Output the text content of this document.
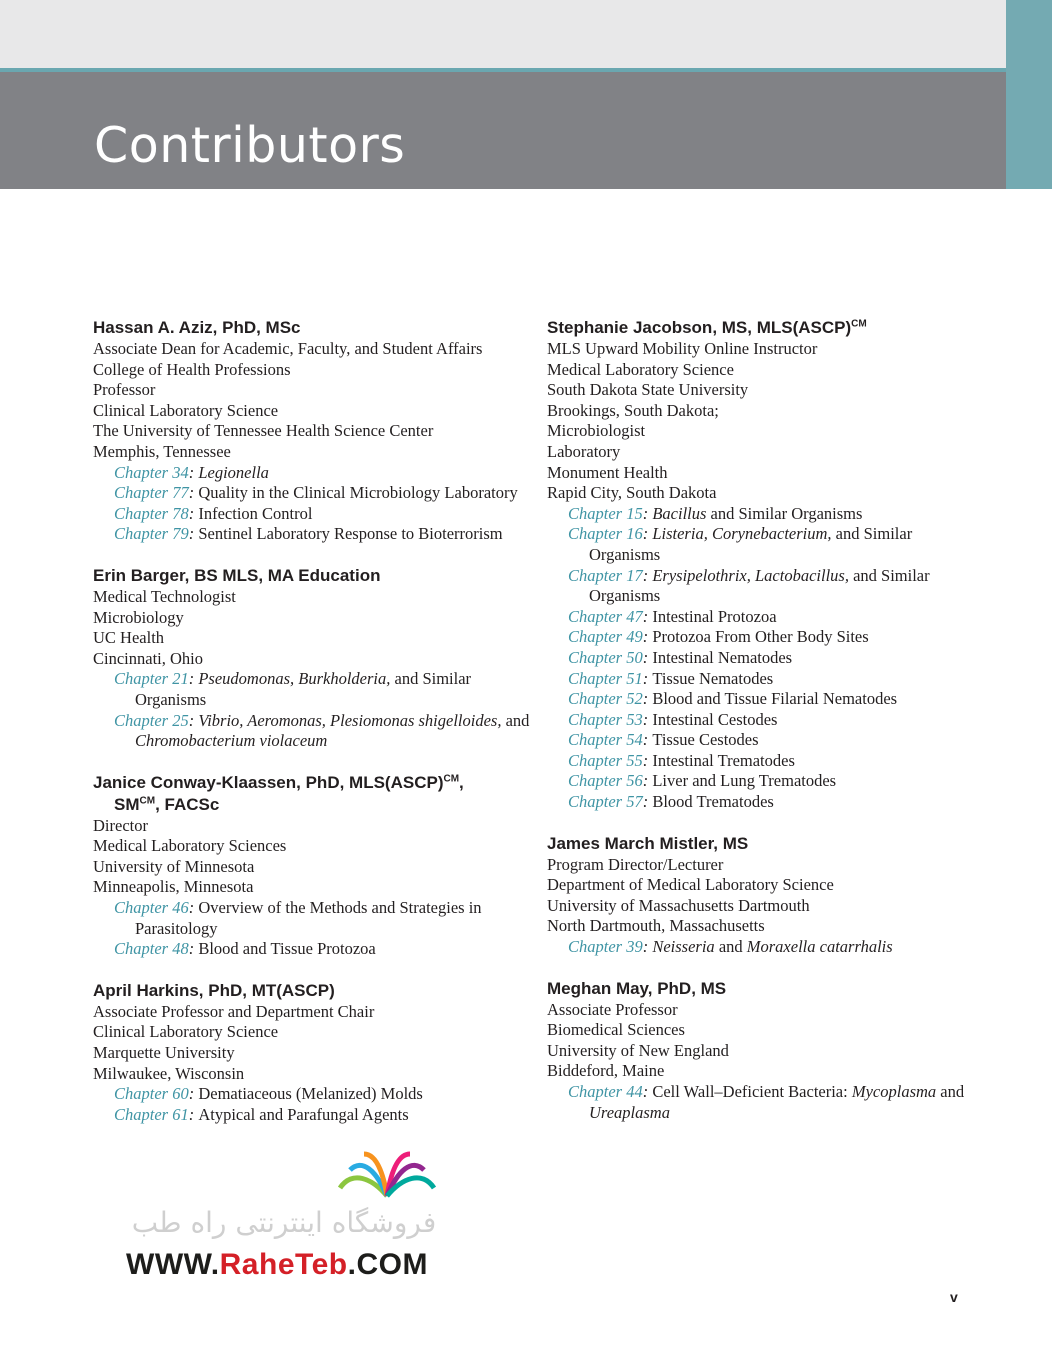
Contributors
Hassan A. Aziz, PhD, MSc
Associate Dean for Academic, Faculty, and Student Affairs
College of Health Professions
Professor
Clinical Laboratory Science
The University of Tennessee Health Science Center
Memphis, Tennessee
Chapter 34: Legionella
Chapter 77: Quality in the Clinical Microbiology Laboratory
Chapter 78: Infection Control
Chapter 79: Sentinel Laboratory Response to Bioterrorism
Erin Barger, BS MLS, MA Education
Medical Technologist
Microbiology
UC Health
Cincinnati, Ohio
Chapter 21: Pseudomonas, Burkholderia, and Similar Organisms
Chapter 25: Vibrio, Aeromonas, Plesiomonas shigelloides, and Chromobacterium violaceum
Janice Conway-Klaassen, PhD, MLS(ASCP)$^{CM}$,
$SM^{CM}$, FACSc
Director
Medical Laboratory Sciences
University of Minnesota
Minneapolis, Minnesota
Chapter 46: Overview of the Methods and Strategies in Parasitology
Chapter 48: Blood and Tissue Protozoa
April Harkins, PhD, MT(ASCP)
Associate Professor and Department Chair
Clinical Laboratory Science
Marquette University
Milwaukee, Wisconsin
Chapter 60: Dematiaceous (Melanized) Molds
Chapter 61: Atypical and Parafungal Agents
Stephanie Jacobson, MS, MLS(ASCP)$^{CM}$
MLS Upward Mobility Online Instructor
Medical Laboratory Science
South Dakota State University
Brookings, South Dakota;
Microbiologist
Laboratory
Monument Health
Rapid City, South Dakota
Chapter 15: Bacillus and Similar Organisms
Chapter 16: Listeria, Corynebacterium, and Similar Organisms
Chapter 17: Erysipelothrix, Lactobacillus, and Similar Organisms
Chapter 47: Intestinal Protozoa
Chapter 49: Protozoa From Other Body Sites
Chapter 50: Intestinal Nematodes
Chapter 51: Tissue Nematodes
Chapter 52: Blood and Tissue Filarial Nematodes
Chapter 53: Intestinal Cestodes
Chapter 54: Tissue Cestodes
Chapter 55: Intestinal Trematodes
Chapter 56: Liver and Lung Trematodes
Chapter 57: Blood Trematodes
James March Mistler, MS
Program Director/Lecturer
Department of Medical Laboratory Science
University of Massachusetts Dartmouth
North Dartmouth, Massachusetts
Chapter 39: Neisseria and Moraxella catarrhalis
Meghan May, PhD, MS
Associate Professor
Biomedical Sciences
University of New England
Biddeford, Maine
Chapter 44: Cell Wall–Deficient Bacteria: Mycoplasma and Ureaplasma
فروشگاه اینترنتی راه طب
WWW.RaheTeb.COM
v
